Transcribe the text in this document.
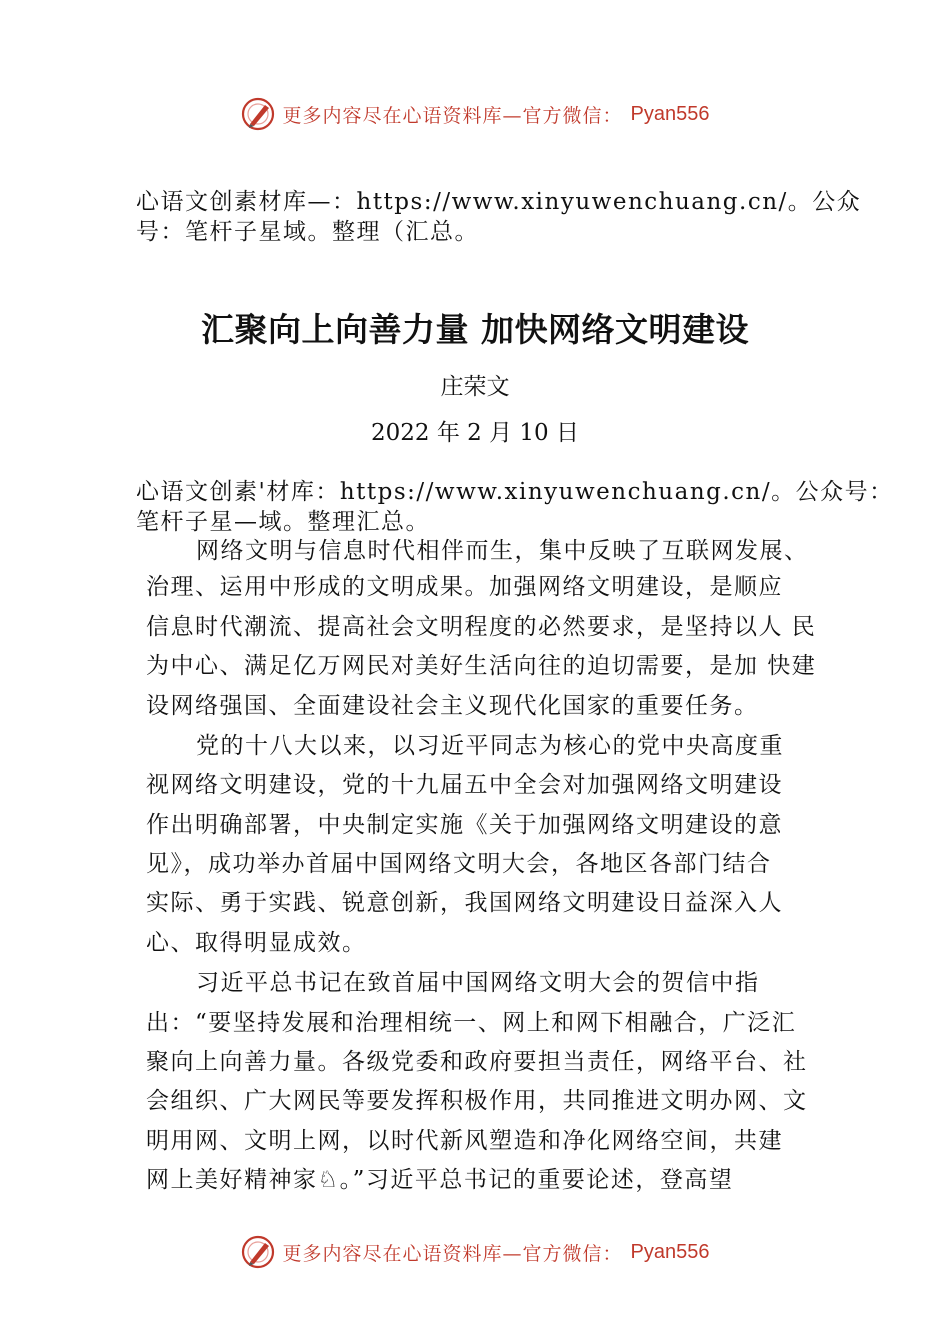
更多内容尽在心语资料库—官方微信： Pyan556
心语文创素材库—：https://www.xinyuwenchuang.cn/。公众
号：笔杆子星域。整理（汇总。
汇聚向上向善力量 加快网络文明建设
庄荣文
2022 年 2 月 10 日
心语文创素'材库：https://www.xinyuwenchuang.cn/。公众号：
笔杆子星—域。整理汇总。
网络文明与信息时代相伴而生，集中反映了互联网发展、
治理、运用中形成的文明成果。加强网络文明建设，是顺应
信息时代潮流、提高社会文明程度的必然要求，是坚持以人 民
为中心、满足亿万网民对美好生活向往的迫切需要，是加 快建
设网络强国、全面建设社会主义现代化国家的重要任务。
党的十八大以来，以习近平同志为核心的党中央高度重
视网络文明建设，党的十九届五中全会对加强网络文明建设
作出明确部署，中央制定实施《关于加强网络文明建设的意
见》，成功举办首届中国网络文明大会，各地区各部门结合
实际、勇于实践、锐意创新，我国网络文明建设日益深入人
心、取得明显成效。
习近平总书记在致首届中国网络文明大会的贺信中指
出：“要坚持发展和治理相统一、网上和网下相融合，广泛汇
聚向上向善力量。各级党委和政府要担当责任，网络平台、社
会组织、广大网民等要发挥积极作用，共同推进文明办网、文
明用网、文明上网，以时代新风塑造和净化网络空间，共建
网上美好精神家♘。”习近平总书记的重要论述，登高望
更多内容尽在心语资料库—官方微信： Pyan556
